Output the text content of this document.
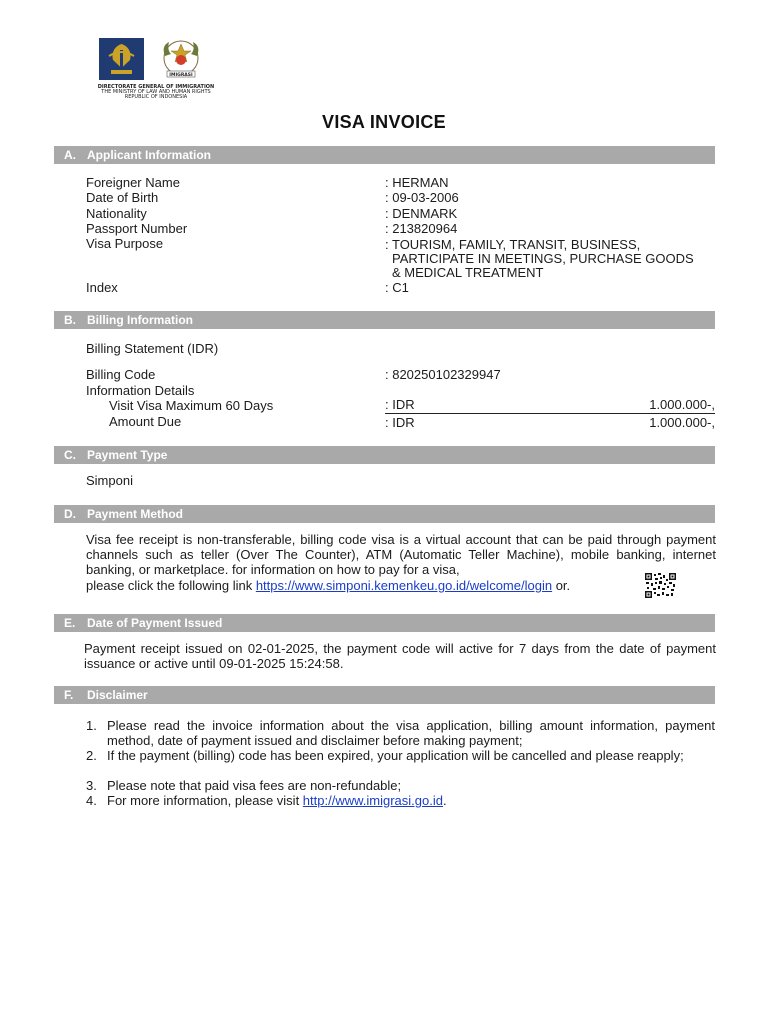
IMIGRASI
DIRECTORATE GENERAL OF IMMIGRATION
THE MINISTRY OF LAW AND HUMAN RIGHTS
REPUBLIC OF INDONESIA
VISA INVOICE
A. Applicant Information
Foreigner Name	: HERMAN
Date of Birth	: 09-03-2006
Nationality	: DENMARK
Passport Number	: 213820964
Visa Purpose	: TOURISM, FAMILY, TRANSIT, BUSINESS,
PARTICIPATE IN MEETINGS, PURCHASE GOODS
& MEDICAL TREATMENT
Index	: C1
B. Billing Information
Billing Statement (IDR)
Billing Code	: 820250102329947
Information Details
Visit Visa Maximum 60 Days	: IDR	1.000.000-,
Amount Due	: IDR	1.000.000-,
C. Payment Type
Simponi
D. Payment Method
Visa fee receipt is non-transferable, billing code visa is a virtual account that can be paid through payment channels such as teller (Over The Counter), ATM (Automatic Teller Machine), mobile banking, internet banking, or marketplace. for information on how to pay for a visa,
please click the following link https://www.simponi.kemenkeu.go.id/welcome/login or.
E. Date of Payment Issued
Payment receipt issued on 02-01-2025, the payment code will active for 7 days from the date of payment issuance or active until 09-01-2025 15:24:58.
F. Disclaimer
1. Please read the invoice information about the visa application, billing amount information, payment method, date of payment issued and disclaimer before making payment;
2. If the payment (billing) code has been expired, your application will be cancelled and please reapply;
3. Please note that paid visa fees are non-refundable;
4. For more information, please visit http://www.imigrasi.go.id.
